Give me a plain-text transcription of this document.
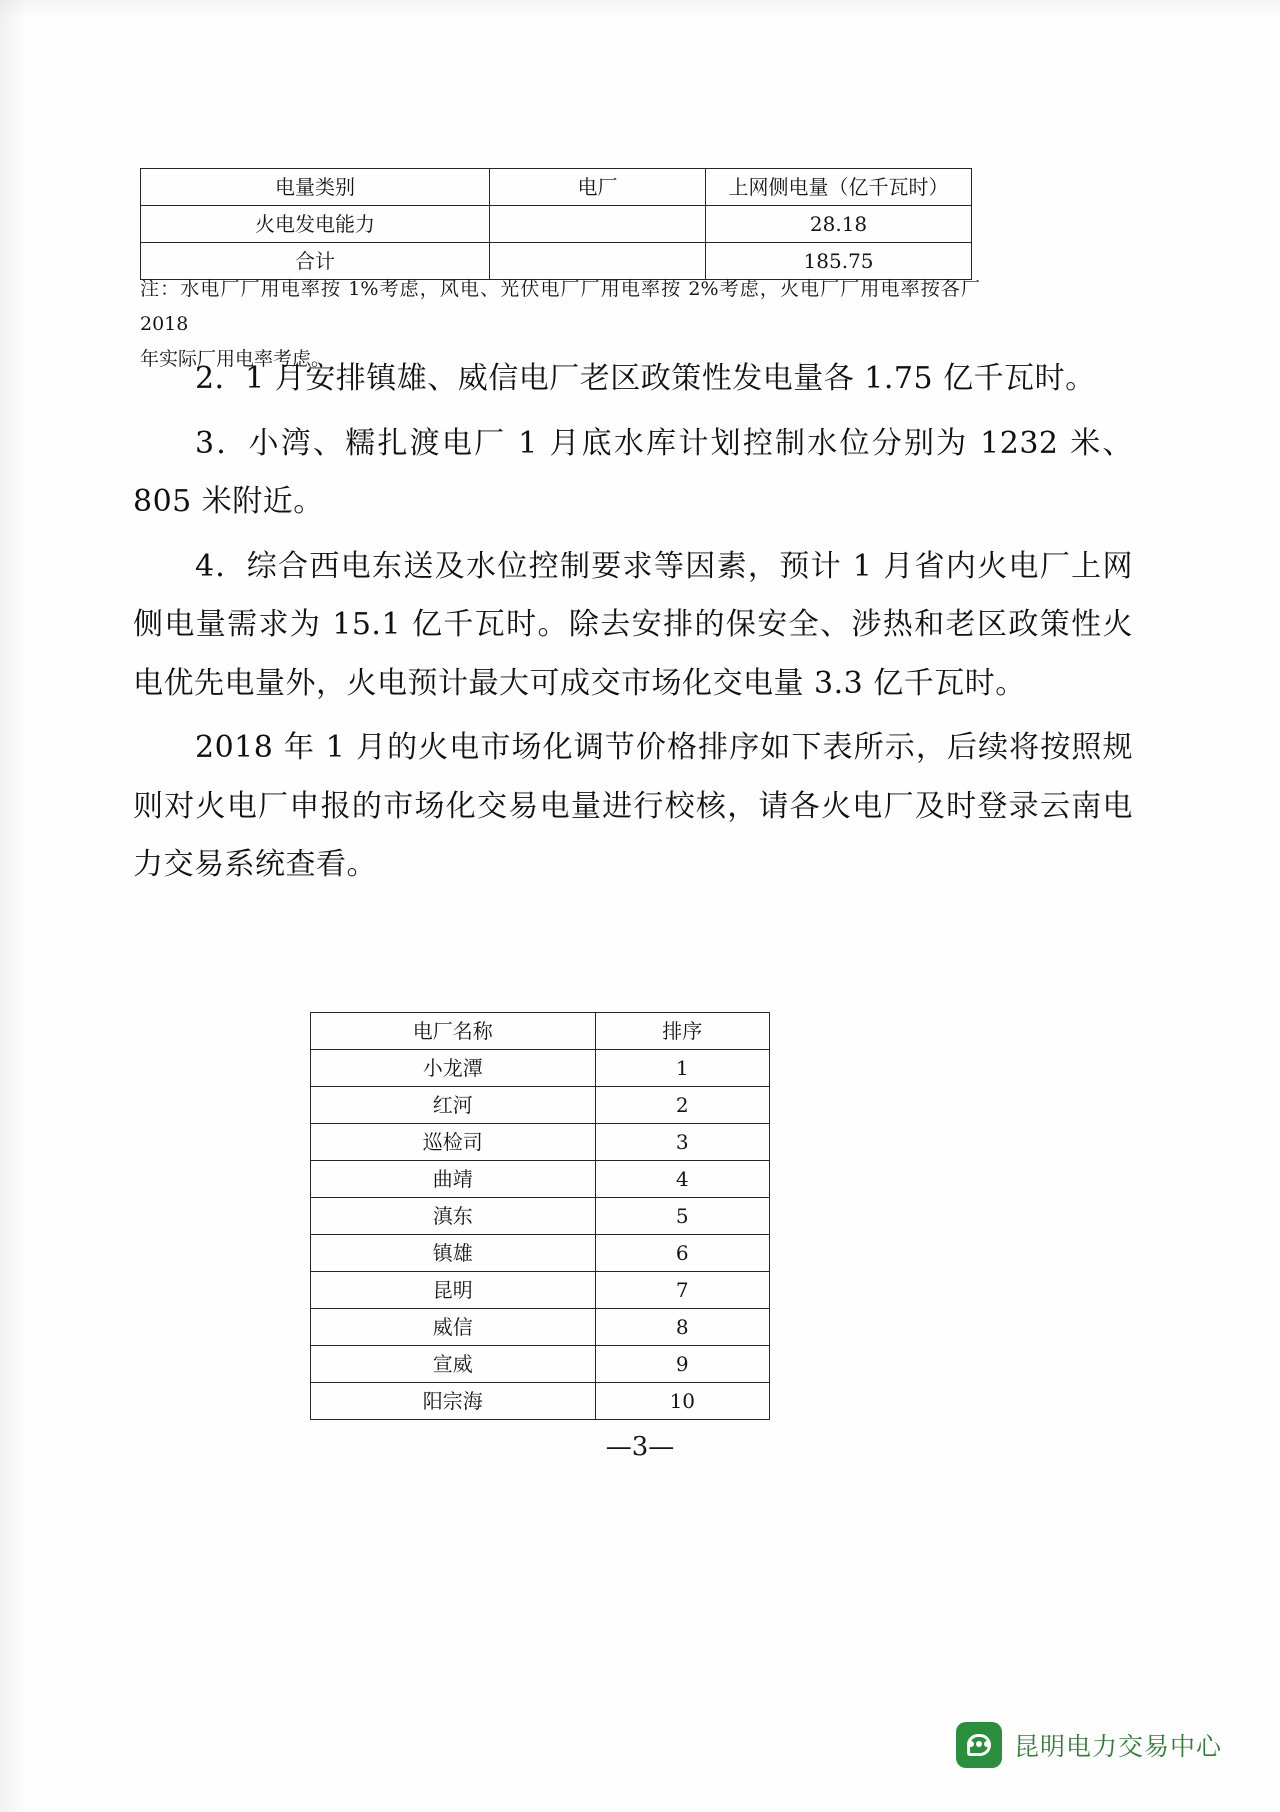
电量类别	电厂	上网侧电量（亿千瓦时）
火电发电能力		28.18
合计		185.75
注：水电厂厂用电率按 1%考虑，风电、光伏电厂厂用电率按 2%考虑，火电厂厂用电率按各厂 2018
年实际厂用电率考虑。

2．1 月安排镇雄、威信电厂老区政策性发电量各 1.75 亿千瓦时。

3．小湾、糯扎渡电厂 1 月底水库计划控制水位分别为 1232 米、805 米附近。

4．综合西电东送及水位控制要求等因素，预计 1 月省内火电厂上网侧电量需求为 15.1 亿千瓦时。除去安排的保安全、涉热和老区政策性火电优先电量外，火电预计最大可成交市场化交电量 3.3 亿千瓦时。

2018 年 1 月的火电市场化调节价格排序如下表所示，后续将按照规则对火电厂申报的市场化交易电量进行校核，请各火电厂及时登录云南电力交易系统查看。

电厂名称	排序
小龙潭	1
红河	2
巡检司	3
曲靖	4
滇东	5
镇雄	6
昆明	7
威信	8
宣威	9
阳宗海	10
—3—
昆明电力交易中心
